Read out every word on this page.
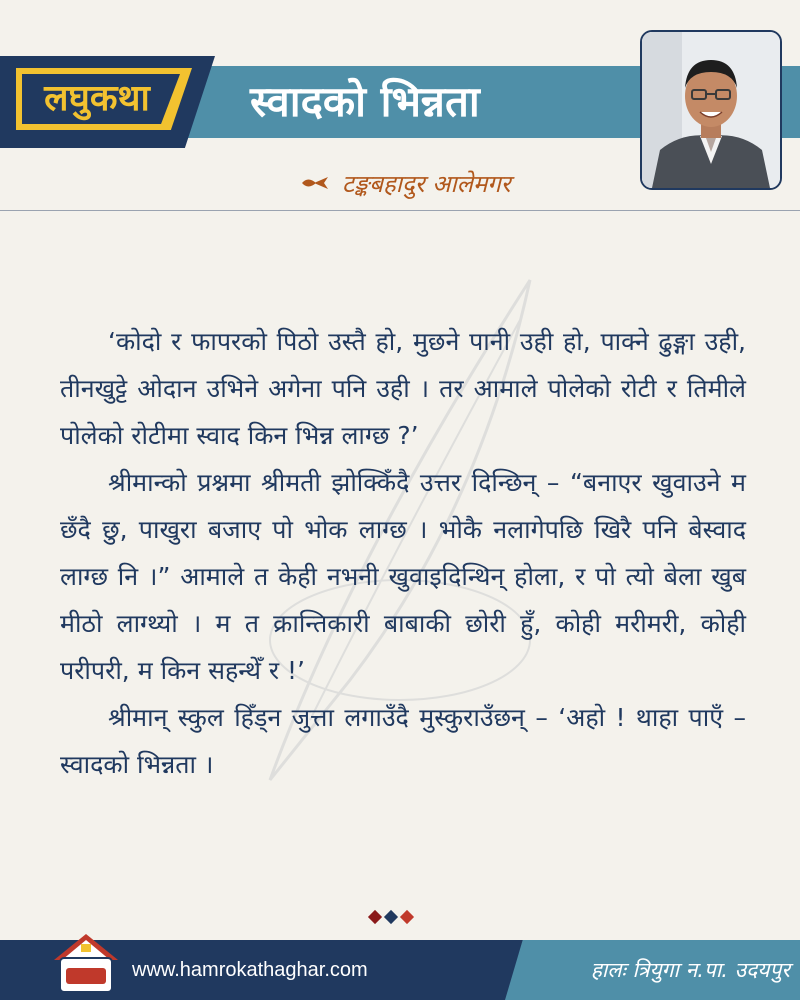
लघुकथा	स्वादको भिन्नता
टङ्कबहादुर आलेमगर

‘कोदो र फापरको पिठो उस्तै हो, मुछने पानी उही हो, पाक्ने ढुङ्गा उही, तीनखुट्टे ओदान उभिने अगेना पनि उही । तर आमाले पोलेको रोटी र तिमीले पोलेको रोटीमा स्वाद किन भिन्न लाग्छ ?’

श्रीमान्को प्रश्नमा श्रीमती झोक्किँदै उत्तर दिन्छिन् – “बनाएर खुवाउने म छँदै छु, पाखुरा बजाए पो भोक लाग्छ । भोकै नलागेपछि खिरै पनि बेस्वाद लाग्छ नि ।” आमाले त केही नभनी खुवाइदिन्थिन् होला, र पो त्यो बेला खुब मीठो लाग्थ्यो । म त क्रान्तिकारी बाबाकी छोरी हुँ, कोही मरीमरी, कोही परीपरी, म किन सहन्थेँ र !’

श्रीमान् स्कुल हिँड्न जुत्ता लगाउँदै मुस्कुराउँछन् – ‘अहो ! थाहा पाएँ – स्वादको भिन्नता ।

www.hamrokathaghar.com	हालः त्रियुगा न.पा. उदयपुर
